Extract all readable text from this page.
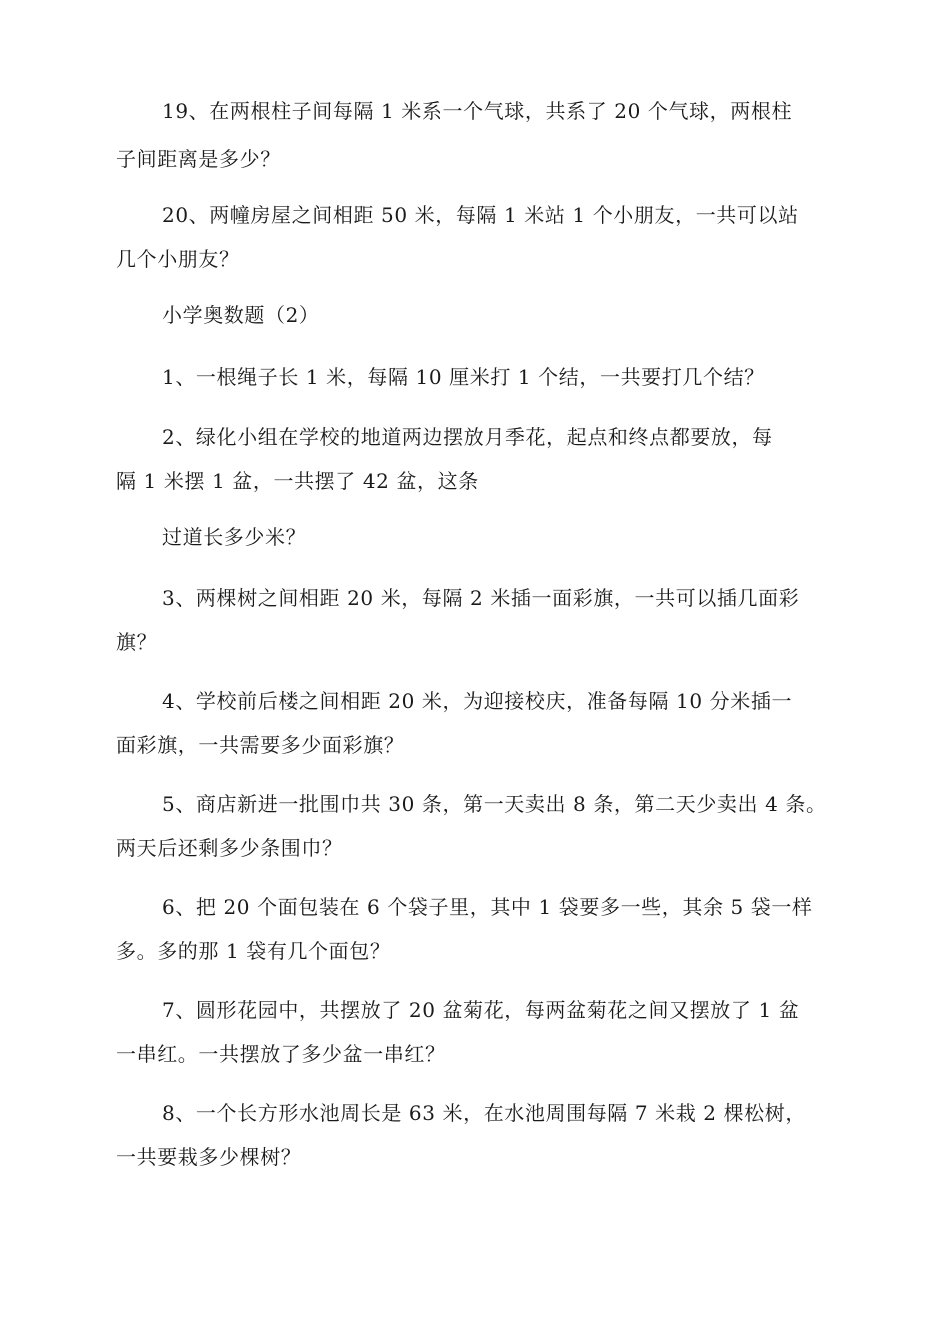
19、在两根柱子间每隔 1 米系一个气球，共系了 20 个气球，两根柱
子间距离是多少？
20、两幢房屋之间相距 50 米，每隔 1 米站 1 个小朋友，一共可以站
几个小朋友？
小学奥数题（2）
1、一根绳子长 1 米，每隔 10 厘米打 1 个结，一共要打几个结？
2、绿化小组在学校的地道两边摆放月季花，起点和终点都要放，每
隔 1 米摆 1 盆，一共摆了 42 盆，这条
过道长多少米？
3、两棵树之间相距 20 米，每隔 2 米插一面彩旗，一共可以插几面彩
旗？
4、学校前后楼之间相距 20 米，为迎接校庆，准备每隔 10 分米插一
面彩旗，一共需要多少面彩旗？
5、商店新进一批围巾共 30 条，第一天卖出 8 条，第二天少卖出 4 条。
两天后还剩多少条围巾？
6、把 20 个面包装在 6 个袋子里，其中 1 袋要多一些，其余 5 袋一样
多。多的那 1 袋有几个面包？
7、圆形花园中，共摆放了 20 盆菊花，每两盆菊花之间又摆放了 1 盆
一串红。一共摆放了多少盆一串红？
8、一个长方形水池周长是 63 米，在水池周围每隔 7 米栽 2 棵松树，
一共要栽多少棵树？
